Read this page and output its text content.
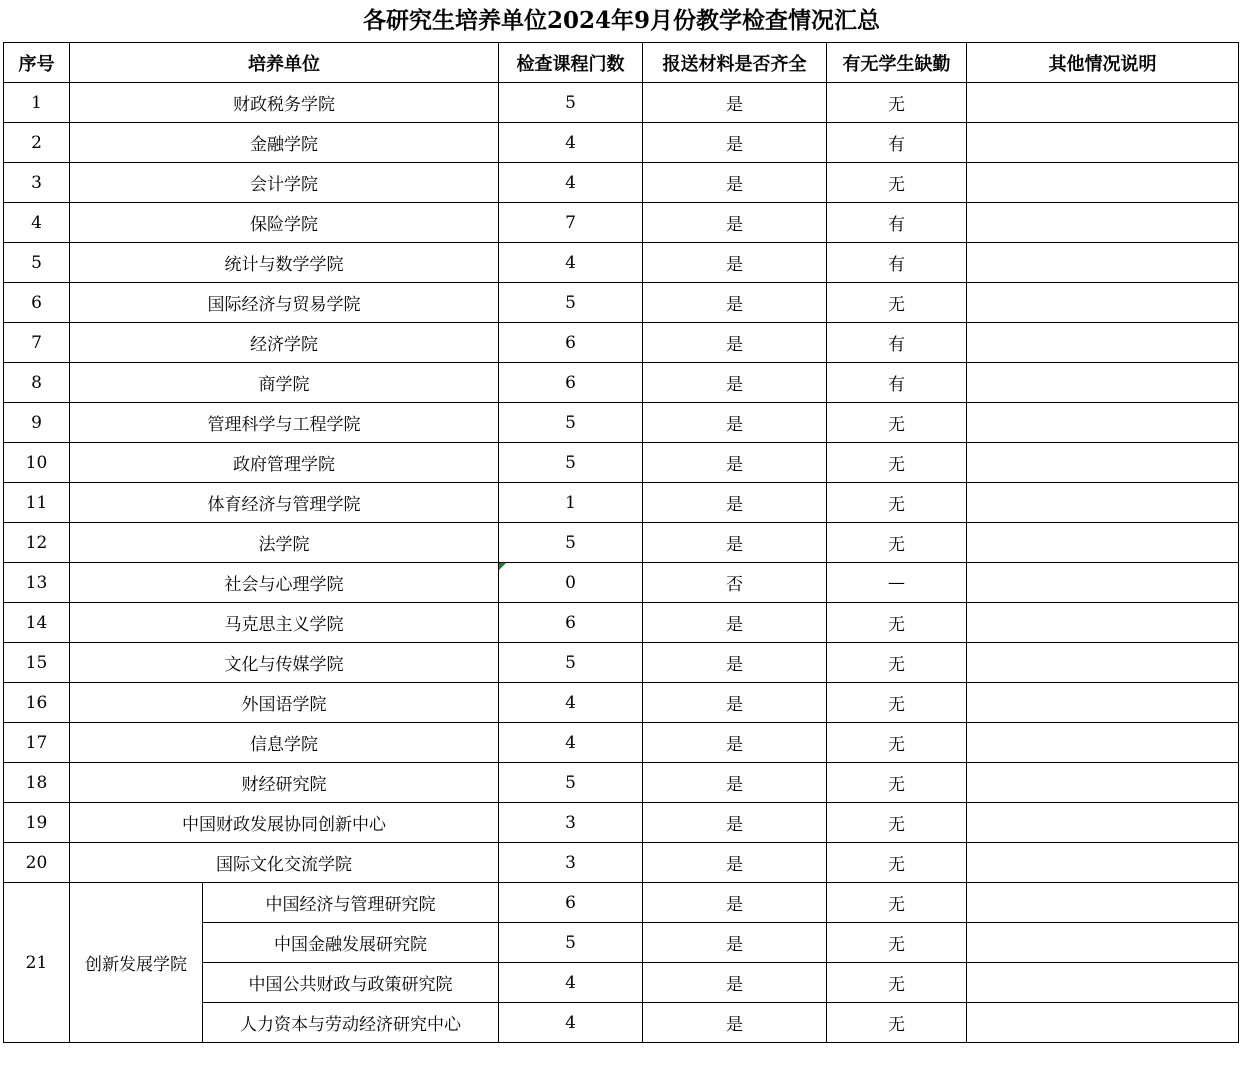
各研究生培养单位2024年9月份教学检查情况汇总
序号	培养单位		检查课程门数	报送材料是否齐全	有无学生缺勤	其他情况说明
1	财政税务学院		5	是	无	
2	金融学院		4	是	有	
3	会计学院		4	是	无	
4	保险学院		7	是	有	
5	统计与数学学院		4	是	有	
6	国际经济与贸易学院		5	是	无	
7	经济学院		6	是	有	
8	商学院		6	是	有	
9	管理科学与工程学院		5	是	无	
10	政府管理学院		5	是	无	
11	体育经济与管理学院		1	是	无	
12	法学院		5	是	无	
13	社会与心理学院		0	否	—	
14	马克思主义学院		6	是	无	
15	文化与传媒学院		5	是	无	
16	外国语学院		4	是	无	
17	信息学院		4	是	无	
18	财经研究院		5	是	无	
19	中国财政发展协同创新中心		3	是	无	
20	国际文化交流学院		3	是	无	
21	创新发展学院	中国经济与管理研究院	6	是	无	
		中国金融发展研究院	5	是	无	
		中国公共财政与政策研究院	4	是	无	
		人力资本与劳动经济研究中心	4	是	无	
